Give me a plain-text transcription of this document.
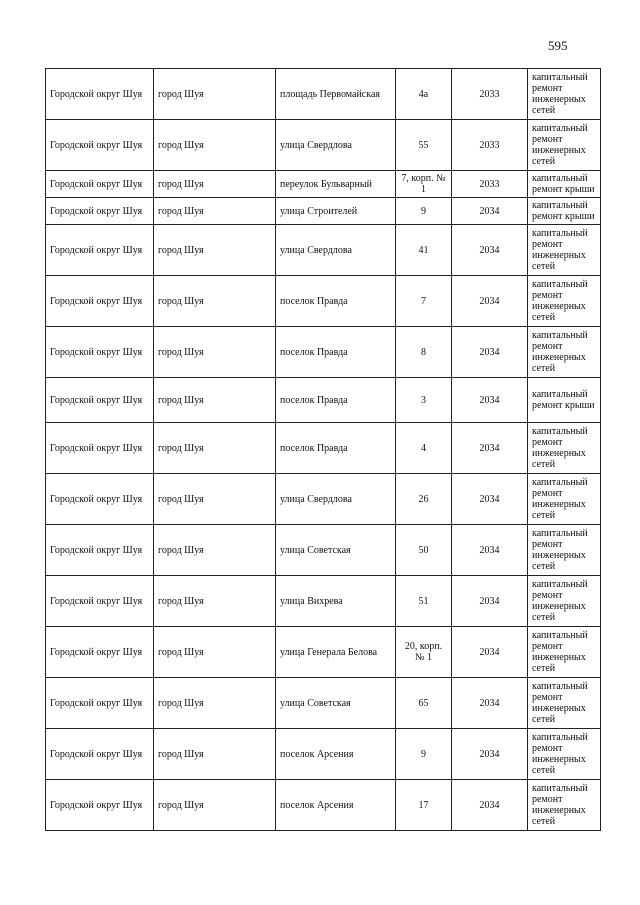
595
Городской округ Шуя	город Шуя	площадь Первомайская	4а	2033	капитальный ремонт инженерных сетей
Городской округ Шуя	город Шуя	улица Свердлова	55	2033	капитальный ремонт инженерных сетей
Городской округ Шуя	город Шуя	переулок Бульварный	7, корп. № 1	2033	капитальный ремонт крыши
Городской округ Шуя	город Шуя	улица Строителей	9	2034	капитальный ремонт крыши
Городской округ Шуя	город Шуя	улица Свердлова	41	2034	капитальный ремонт инженерных сетей
Городской округ Шуя	город Шуя	поселок Правда	7	2034	капитальный ремонт инженерных сетей
Городской округ Шуя	город Шуя	поселок Правда	8	2034	капитальный ремонт инженерных сетей
Городской округ Шуя	город Шуя	поселок Правда	3	2034	капитальный ремонт крыши
Городской округ Шуя	город Шуя	поселок Правда	4	2034	капитальный ремонт инженерных сетей
Городской округ Шуя	город Шуя	улица Свердлова	26	2034	капитальный ремонт инженерных сетей
Городской округ Шуя	город Шуя	улица Советская	50	2034	капитальный ремонт инженерных сетей
Городской округ Шуя	город Шуя	улица Вихрева	51	2034	капитальный ремонт инженерных сетей
Городской округ Шуя	город Шуя	улица Генерала Белова	20, корп. № 1	2034	капитальный ремонт инженерных сетей
Городской округ Шуя	город Шуя	улица Советская	65	2034	капитальный ремонт инженерных сетей
Городской округ Шуя	город Шуя	поселок Арсения	9	2034	капитальный ремонт инженерных сетей
Городской округ Шуя	город Шуя	поселок Арсения	17	2034	капитальный ремонт инженерных сетей
